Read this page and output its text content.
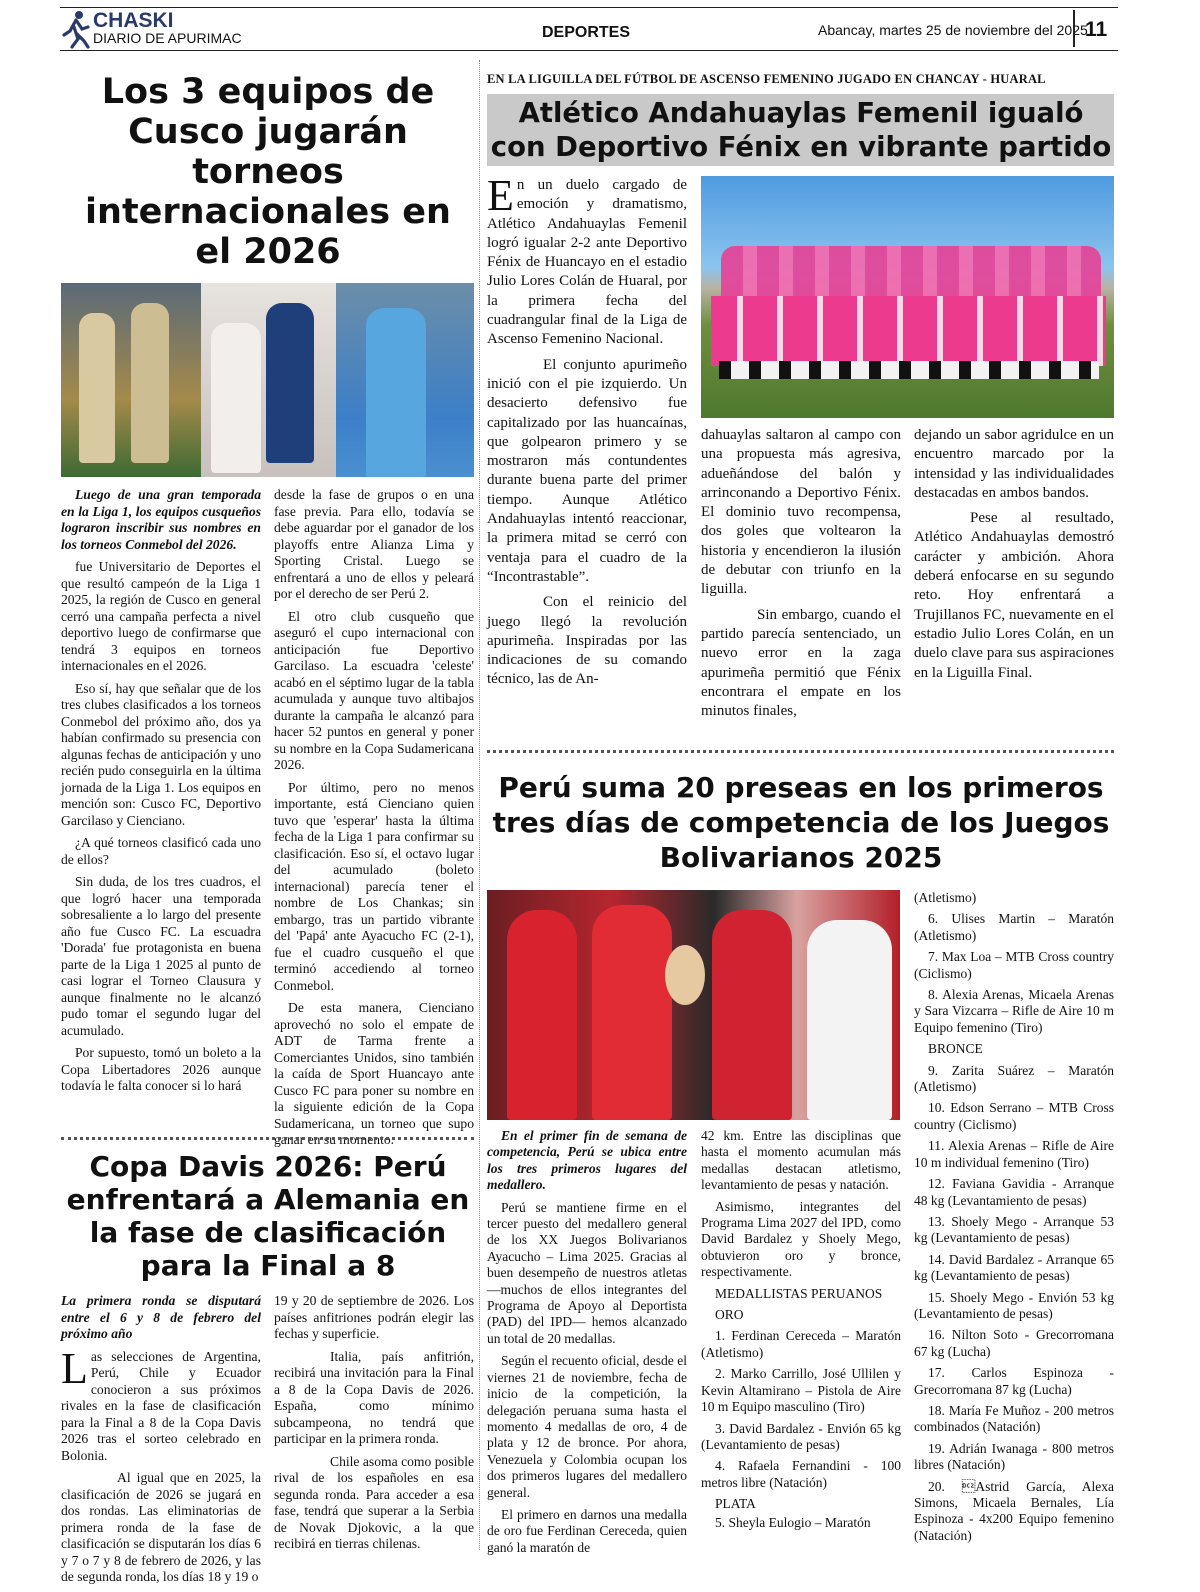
CHASKI
DIARIO DE APURIMAC	DEPORTES	Abancay, martes 25 de noviembre del 2025
11
Los 3 equipos de Cusco jugarán torneos internacionales en el 2026

Luego de una gran temporada en la Liga 1, los equipos cusqueños lograron inscribir sus nombres en los torneos Conmebol del 2026.

fue Universitario de Deportes el que resultó campeón de la Liga 1 2025, la región de Cusco en general cerró una campaña perfecta a nivel deportivo luego de confirmarse que tendrá 3 equipos en torneos internacionales en el 2026.

Eso sí, hay que señalar que de los tres clubes clasificados a los torneos Conmebol del próximo año, dos ya habían confirmado su presencia con algunas fechas de anticipación y uno recién pudo conseguirla en la última jornada de la Liga 1. Los equipos en mención son: Cusco FC, Deportivo Garcilaso y Cienciano.

¿A qué torneos clasificó cada uno de ellos?

Sin duda, de los tres cuadros, el que logró hacer una temporada sobresaliente a lo largo del presente año fue Cusco FC. La escuadra 'Dorada' fue protagonista en buena parte de la Liga 1 2025 al punto de casi lograr el Torneo Clausura y aunque finalmente no le alcanzó pudo tomar el segundo lugar del acumulado.

Por supuesto, tomó un boleto a la Copa Libertadores 2026 aunque todavía le falta conocer si lo hará

desde la fase de grupos o en una fase previa. Para ello, todavía se debe aguardar por el ganador de los playoffs entre Alianza Lima y Sporting Cristal. Luego se enfrentará a uno de ellos y peleará por el derecho de ser Perú 2.

El otro club cusqueño que aseguró el cupo internacional con anticipación fue Deportivo Garcilaso. La escuadra 'celeste' acabó en el séptimo lugar de la tabla acumulada y aunque tuvo altibajos durante la campaña le alcanzó para hacer 52 puntos en general y poner su nombre en la Copa Sudamericana 2026.

Por último, pero no menos importante, está Cienciano quien tuvo que 'esperar' hasta la última fecha de la Liga 1 para confirmar su clasificación. Eso sí, el octavo lugar del acumulado (boleto internacional) parecía tener el nombre de Los Chankas; sin embargo, tras un partido vibrante del 'Papá' ante Ayacucho FC (2-1), fue el cuadro cusqueño el que terminó accediendo al torneo Conmebol.

De esta manera, Cienciano aprovechó no solo el empate de ADT de Tarma frente a Comerciantes Unidos, sino también la caída de Sport Huancayo ante Cusco FC para poner su nombre en la siguiente edición de la Copa Sudamericana, un torneo que supo ganar en su momento.

Copa Davis 2026: Perú enfrentará a Alemania en la fase de clasificación para la Final a 8

La primera ronda se disputará entre el 6 y 8 de febrero del próximo año

Las selecciones de Argentina, Perú, Chile y Ecuador conocieron a sus próximos rivales en la fase de clasificación para la Final a 8 de la Copa Davis 2026 tras el sorteo celebrado en Bolonia.

Al igual que en 2025, la clasificación de 2026 se jugará en dos rondas. Las eliminatorias de primera ronda de la fase de clasificación se disputarán los días 6 y 7 o 7 y 8 de febrero de 2026, y las de segunda ronda, los días 18 y 19 o

19 y 20 de septiembre de 2026. Los países anfitriones podrán elegir las fechas y superficie.

Italia, país anfitrión, recibirá una invitación para la Final a 8 de la Copa Davis de 2026. España, como mínimo subcampeona, no tendrá que participar en la primera ronda.

Chile asoma como posible rival de los españoles en esa segunda ronda. Para acceder a esa fase, tendrá que superar a la Serbia de Novak Djokovic, a la que recibirá en tierras chilenas.

EN LA LIGUILLA DEL FÚTBOL DE ASCENSO FEMENINO JUGADO EN CHANCAY - HUARAL
Atlético Andahuaylas Femenil igualó con Deportivo Fénix en vibrante partido

En un duelo cargado de emoción y dramatismo, Atlético Andahuaylas Femenil logró igualar 2-2 ante Deportivo Fénix de Huancayo en el estadio Julio Lores Colán de Huaral, por la primera fecha del cuadrangular final de la Liga de Ascenso Femenino Nacional.

El conjunto apurimeño inició con el pie izquierdo. Un desacierto defensivo fue capitalizado por las huancaínas, que golpearon primero y se mostraron más contundentes durante buena parte del primer tiempo. Aunque Atlético Andahuaylas intentó reaccionar, la primera mitad se cerró con ventaja para el cuadro de la “Incontrastable”.

Con el reinicio del juego llegó la revolución apurimeña. Inspiradas por las indicaciones de su comando técnico, las de An-

dahuaylas saltaron al campo con una propuesta más agresiva, adueñándose del balón y arrinconando a Deportivo Fénix. El dominio tuvo recompensa, dos goles que voltearon la historia y encendieron la ilusión de debutar con triunfo en la liguilla.

Sin embargo, cuando el partido parecía sentenciado, un nuevo error en la zaga apurimeña permitió que Fénix encontrara el empate en los minutos finales,

dejando un sabor agridulce en un encuentro marcado por la intensidad y las individualidades destacadas en ambos bandos.

Pese al resultado, Atlético Andahuaylas demostró carácter y ambición. Ahora deberá enfocarse en su segundo reto. Hoy enfrentará a Trujillanos FC, nuevamente en el estadio Julio Lores Colán, en un duelo clave para sus aspiraciones en la Liguilla Final.

Perú suma 20 preseas en los primeros tres días de competencia de los Juegos Bolivarianos 2025

En el primer fin de semana de competencia, Perú se ubica entre los tres primeros lugares del medallero.

Perú se mantiene firme en el tercer puesto del medallero general de los XX Juegos Bolivarianos Ayacucho – Lima 2025. Gracias al buen desempeño de nuestros atletas —muchos de ellos integrantes del Programa de Apoyo al Deportista (PAD) del IPD— hemos alcanzado un total de 20 medallas.

Según el recuento oficial, desde el viernes 21 de noviembre, fecha de inicio de la competición, la delegación peruana suma hasta el momento 4 medallas de oro, 4 de plata y 12 de bronce. Por ahora, Venezuela y Colombia ocupan los dos primeros lugares del medallero general.

El primero en darnos una medalla de oro fue Ferdinan Cereceda, quien ganó la maratón de

42 km. Entre las disciplinas que hasta el momento acumulan más medallas destacan atletismo, levantamiento de pesas y natación.

Asimismo, integrantes del Programa Lima 2027 del IPD, como David Bardalez y Shoely Mego, obtuvieron oro y bronce, respectivamente.

MEDALLISTAS PERUANOS

ORO

1. Ferdinan Cereceda – Maratón (Atletismo)

2. Marko Carrillo, José Ullilen y Kevin Altamirano – Pistola de Aire 10 m Equipo masculino (Tiro)

3. David Bardalez - Envión 65 kg (Levantamiento de pesas)

4. Rafaela Fernandini - 100 metros libre (Natación)

PLATA

5. Sheyla Eulogio – Maratón

(Atletismo)

6. Ulises Martin – Maratón (Atletismo)

7. Max Loa – MTB Cross country (Ciclismo)

8. Alexia Arenas, Micaela Arenas y Sara Vizcarra – Rifle de Aire 10 m Equipo femenino (Tiro)

BRONCE

9. Zarita Suárez – Maratón (Atletismo)

10. Edson Serrano – MTB Cross country (Ciclismo)

11. Alexia Arenas – Rifle de Aire 10 m individual femenino (Tiro)

12. Faviana Gavidia - Arranque 48 kg (Levantamiento de pesas)

13. Shoely Mego - Arranque 53 kg (Levantamiento de pesas)

14. David Bardalez - Arranque 65 kg (Levantamiento de pesas)

15. Shoely Mego - Envión 53 kg (Levantamiento de pesas)

16. Nilton Soto - Grecorromana 67 kg (Lucha)

17. Carlos Espinoza - Grecorromana 87 kg (Lucha)

18. María Fe Muñoz - 200 metros combinados (Natación)

19. Adrián Iwanaga - 800 metros libres (Natación)

20. Astrid García, Alexa Simons, Micaela Bernales, Lía Espinoza - 4x200 Equipo femenino (Natación)
